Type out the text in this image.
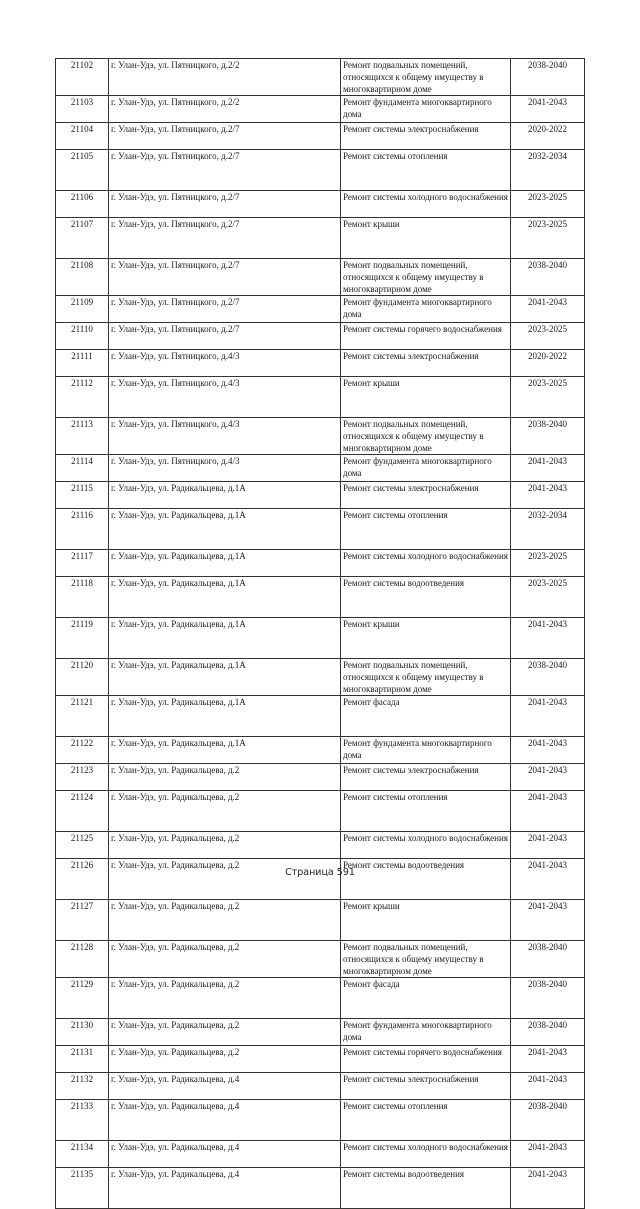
21102	г. Улан-Удэ, ул. Пятницкого, д.2/2	Ремонт подвальных помещений, относящихся к общему имуществу в многоквартирном доме	2038-2040
21103	г. Улан-Удэ, ул. Пятницкого, д.2/2	Ремонт фундамента многоквартирного дома	2041-2043
21104	г. Улан-Удэ, ул. Пятницкого, д.2/7	Ремонт системы электроснабжения	2020-2022
21105	г. Улан-Удэ, ул. Пятницкого, д.2/7	Ремонт системы отопления	2032-2034
21106	г. Улан-Удэ, ул. Пятницкого, д.2/7	Ремонт системы холодного водоснабжения	2023-2025
21107	г. Улан-Удэ, ул. Пятницкого, д.2/7	Ремонт крыши	2023-2025
21108	г. Улан-Удэ, ул. Пятницкого, д.2/7	Ремонт подвальных помещений, относящихся к общему имуществу в многоквартирном доме	2038-2040
21109	г. Улан-Удэ, ул. Пятницкого, д.2/7	Ремонт фундамента многоквартирного дома	2041-2043
21110	г. Улан-Удэ, ул. Пятницкого, д.2/7	Ремонт системы горячего водоснабжения	2023-2025
21111	г. Улан-Удэ, ул. Пятницкого, д.4/3	Ремонт системы электроснабжения	2020-2022
21112	г. Улан-Удэ, ул. Пятницкого, д.4/3	Ремонт крыши	2023-2025
21113	г. Улан-Удэ, ул. Пятницкого, д.4/3	Ремонт подвальных помещений, относящихся к общему имуществу в многоквартирном доме	2038-2040
21114	г. Улан-Удэ, ул. Пятницкого, д.4/3	Ремонт фундамента многоквартирного дома	2041-2043
21115	г. Улан-Удэ, ул. Радикальцева, д.1А	Ремонт системы электроснабжения	2041-2043
21116	г. Улан-Удэ, ул. Радикальцева, д.1А	Ремонт системы отопления	2032-2034
21117	г. Улан-Удэ, ул. Радикальцева, д.1А	Ремонт системы холодного водоснабжения	2023-2025
21118	г. Улан-Удэ, ул. Радикальцева, д.1А	Ремонт системы водоотведения	2023-2025
21119	г. Улан-Удэ, ул. Радикальцева, д.1А	Ремонт крыши	2041-2043
21120	г. Улан-Удэ, ул. Радикальцева, д.1А	Ремонт подвальных помещений, относящихся к общему имуществу в многоквартирном доме	2038-2040
21121	г. Улан-Удэ, ул. Радикальцева, д.1А	Ремонт фасада	2041-2043
21122	г. Улан-Удэ, ул. Радикальцева, д.1А	Ремонт фундамента многоквартирного дома	2041-2043
21123	г. Улан-Удэ, ул. Радикальцева, д.2	Ремонт системы электроснабжения	2041-2043
21124	г. Улан-Удэ, ул. Радикальцева, д.2	Ремонт системы отопления	2041-2043
21125	г. Улан-Удэ, ул. Радикальцева, д.2	Ремонт системы холодного водоснабжения	2041-2043
21126	г. Улан-Удэ, ул. Радикальцева, д.2	Ремонт системы водоотведения	2041-2043
21127	г. Улан-Удэ, ул. Радикальцева, д.2	Ремонт крыши	2041-2043
21128	г. Улан-Удэ, ул. Радикальцева, д.2	Ремонт подвальных помещений, относящихся к общему имуществу в многоквартирном доме	2038-2040
21129	г. Улан-Удэ, ул. Радикальцева, д.2	Ремонт фасада	2038-2040
21130	г. Улан-Удэ, ул. Радикальцева, д.2	Ремонт фундамента многоквартирного дома	2038-2040
21131	г. Улан-Удэ, ул. Радикальцева, д.2	Ремонт системы горячего водоснабжения	2041-2043
21132	г. Улан-Удэ, ул. Радикальцева, д.4	Ремонт системы электроснабжения	2041-2043
21133	г. Улан-Удэ, ул. Радикальцева, д.4	Ремонт системы отопления	2038-2040
21134	г. Улан-Удэ, ул. Радикальцева, д.4	Ремонт системы холодного водоснабжения	2041-2043
21135	г. Улан-Удэ, ул. Радикальцева, д.4	Ремонт системы водоотведения	2041-2043
Страница 591
